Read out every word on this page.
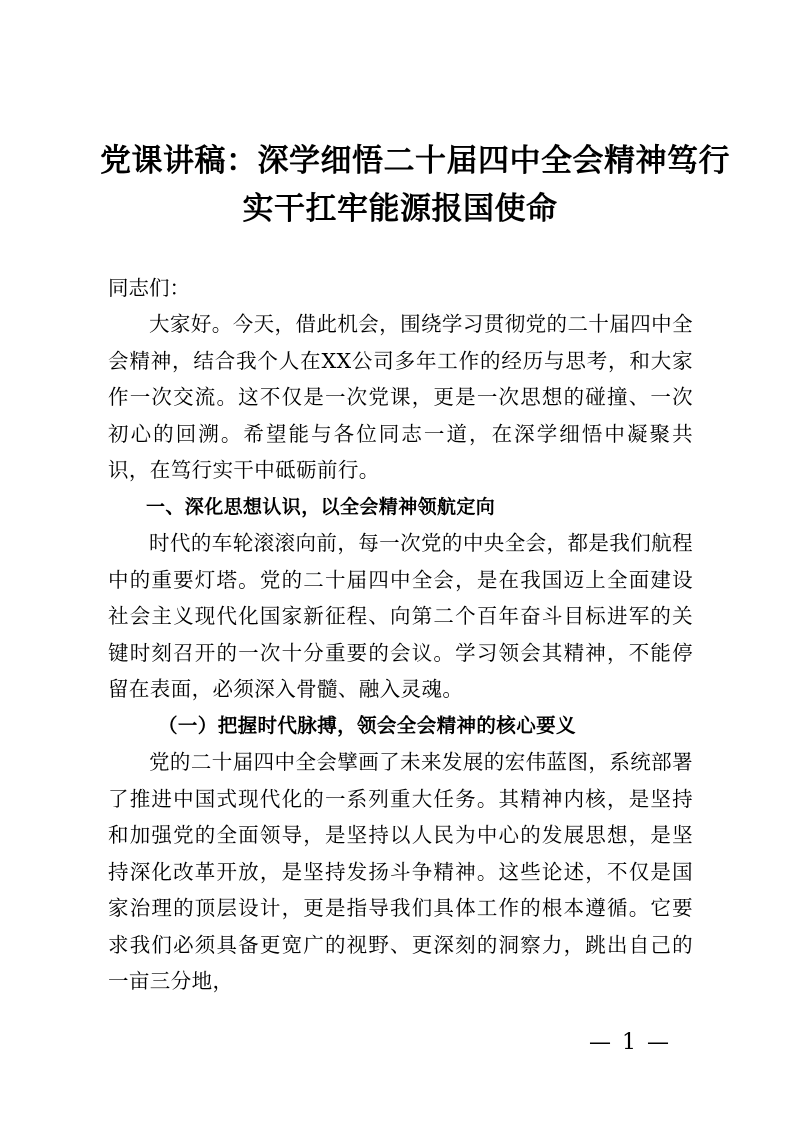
党课讲稿：深学细悟二十届四中全会精神笃行
实干扛牢能源报国使命
同志们：

大家好。今天，借此机会，围绕学习贯彻党的二十届四中全会精神，结合我个人在XX公司多年工作的经历与思考，和大家作一次交流。这不仅是一次党课，更是一次思想的碰撞、一次初心的回溯。希望能与各位同志一道，在深学细悟中凝聚共识，在笃行实干中砥砺前行。

一、深化思想认识，以全会精神领航定向

时代的车轮滚滚向前，每一次党的中央全会，都是我们航程中的重要灯塔。党的二十届四中全会，是在我国迈上全面建设社会主义现代化国家新征程、向第二个百年奋斗目标进军的关键时刻召开的一次十分重要的会议。学习领会其精神，不能停留在表面，必须深入骨髓、融入灵魂。

（一）把握时代脉搏，领会全会精神的核心要义

党的二十届四中全会擘画了未来发展的宏伟蓝图，系统部署了推进中国式现代化的一系列重大任务。其精神内核，是坚持和加强党的全面领导，是坚持以人民为中心的发展思想，是坚持深化改革开放，是坚持发扬斗争精神。这些论述，不仅是国家治理的顶层设计，更是指导我们具体工作的根本遵循。它要求我们必须具备更宽广的视野、更深刻的洞察力，跳出自己的一亩三分地，

— 1 —
